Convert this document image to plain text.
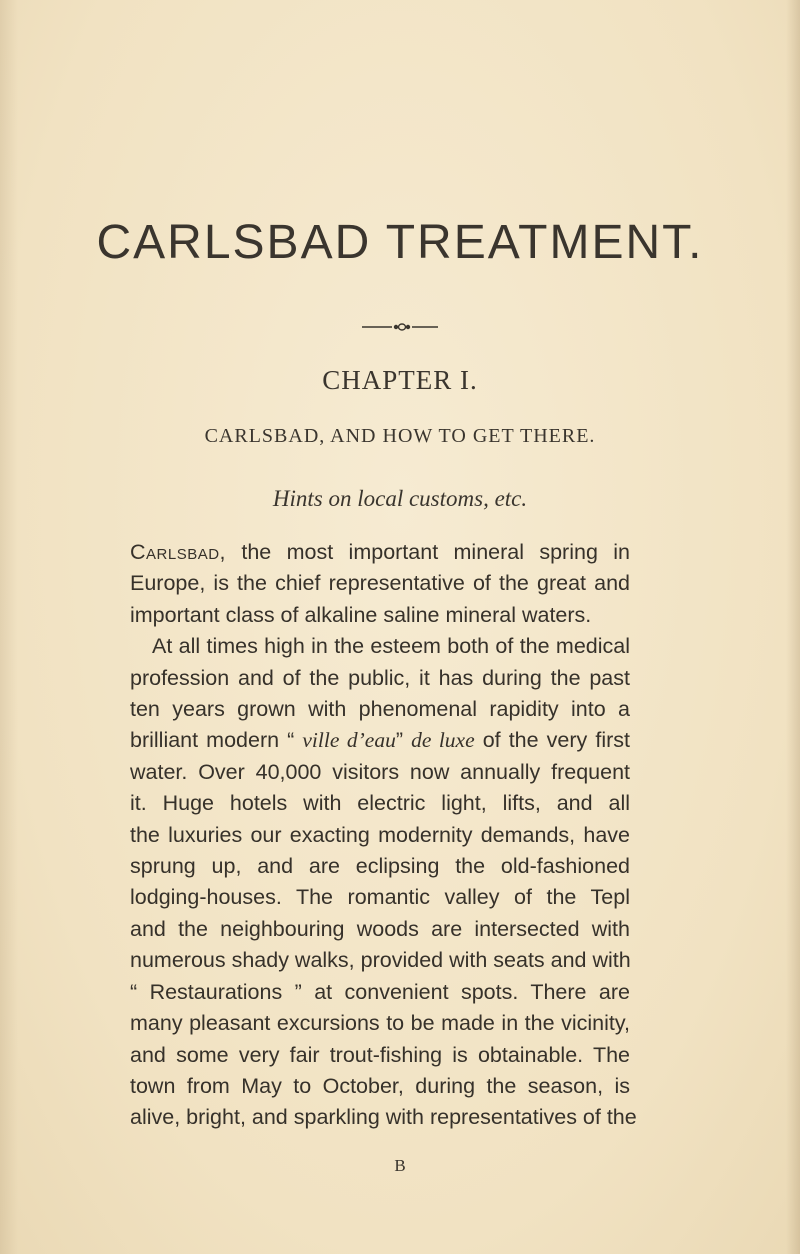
CARLSBAD TREATMENT.
CHAPTER I.
CARLSBAD, AND HOW TO GET THERE.

Hints on local customs, etc.

Carlsbad, the most important mineral spring in
Europe, is the chief representative of the great and
important class of alkaline saline mineral waters.
At all times high in the esteem both of the medical
profession and of the public, it has during the past
ten years grown with phenomenal rapidity into a
brilliant modern “ ville d’eau” de luxe of the very first
water. Over 40,000 visitors now annually frequent
it. Huge hotels with electric light, lifts, and all
the luxuries our exacting modernity demands, have
sprung up, and are eclipsing the old-fashioned
lodging-houses. The romantic valley of the Tepl
and the neighbouring woods are intersected with
numerous shady walks, provided with seats and with
“ Restaurations ” at convenient spots. There are
many pleasant excursions to be made in the vicinity,
and some very fair trout-fishing is obtainable. The
town from May to October, during the season, is
alive, bright, and sparkling with representatives of the

B
